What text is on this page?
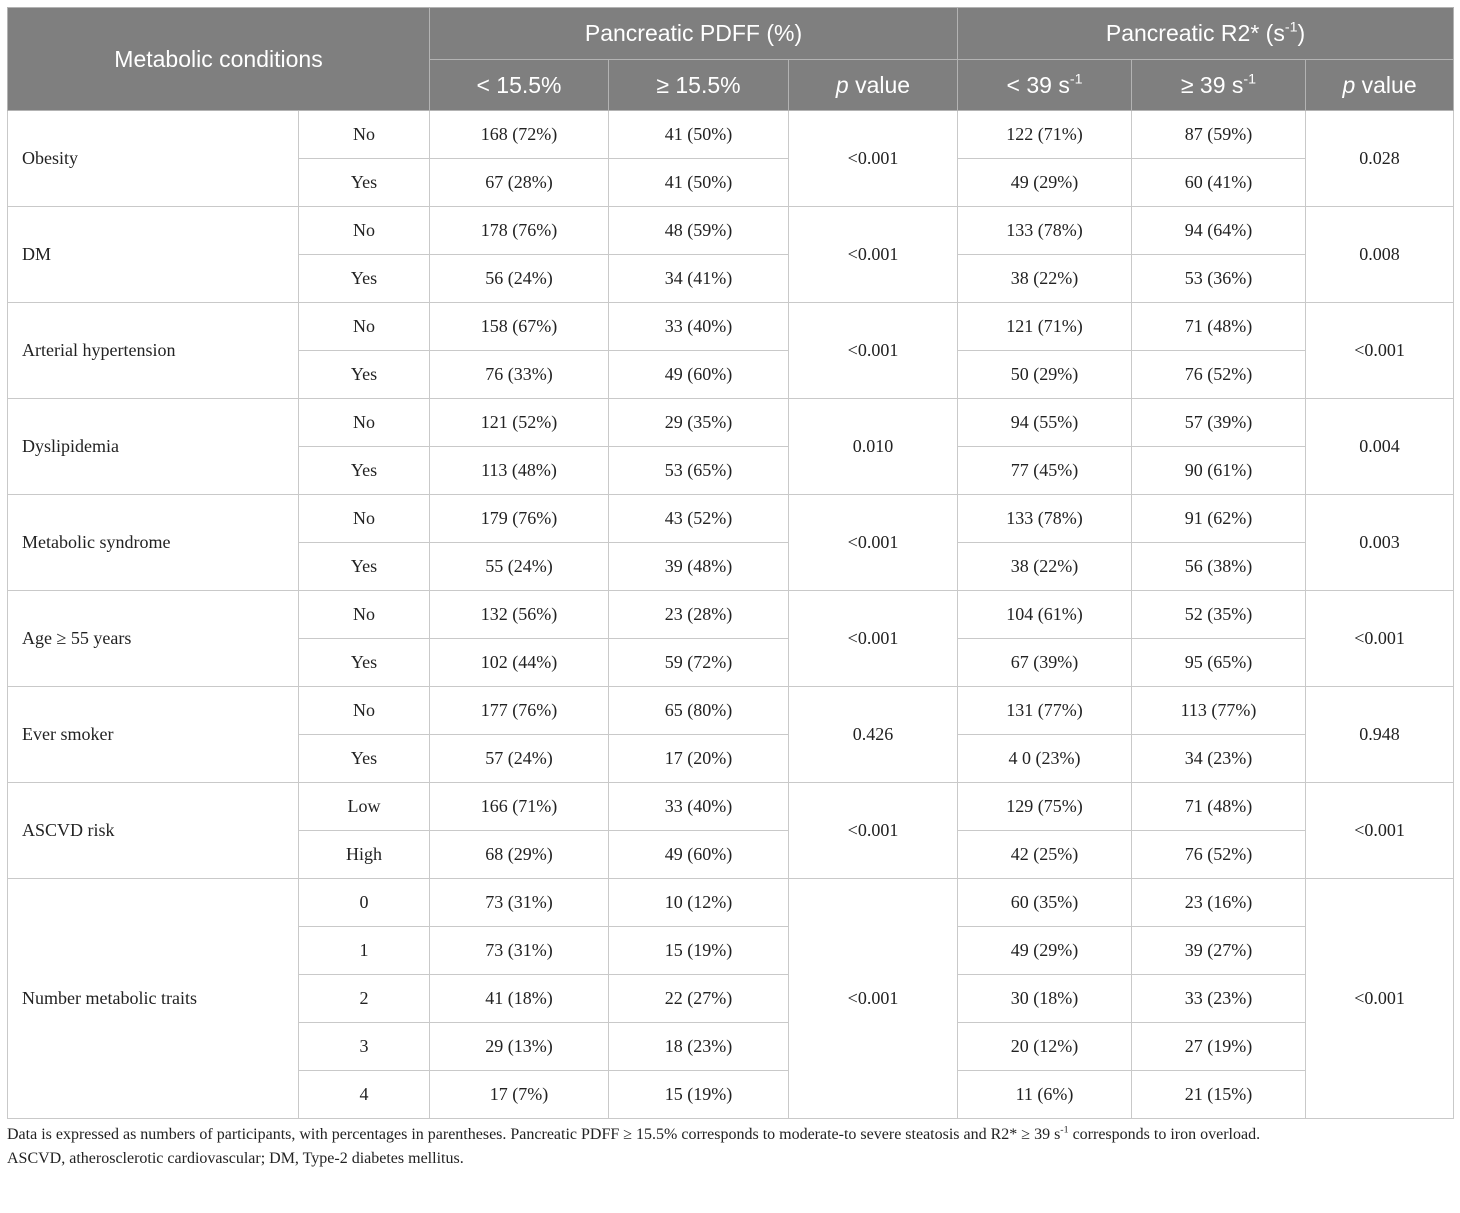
Metabolic conditions		Pancreatic PDFF (%)			Pancreatic R2* $(s^{-1})$		
		< 15.5%	≥ 15.5%	p value	< 39 $s^{-1}$	≥ 39 $s^{-1}$	p value
Obesity	No	168 (72%)	41 (50%)	<0.001	122 (71%)	87 (59%)	0.028
	Yes	67 (28%)	41 (50%)		49 (29%)	60 (41%)	
DM	No	178 (76%)	48 (59%)	<0.001	133 (78%)	94 (64%)	0.008
	Yes	56 (24%)	34 (41%)		38 (22%)	53 (36%)	
Arterial hypertension	No	158 (67%)	33 (40%)	<0.001	121 (71%)	71 (48%)	<0.001
	Yes	76 (33%)	49 (60%)		50 (29%)	76 (52%)	
Dyslipidemia	No	121 (52%)	29 (35%)	0.010	94 (55%)	57 (39%)	0.004
	Yes	113 (48%)	53 (65%)		77 (45%)	90 (61%)	
Metabolic syndrome	No	179 (76%)	43 (52%)	<0.001	133 (78%)	91 (62%)	0.003
	Yes	55 (24%)	39 (48%)		38 (22%)	56 (38%)	
Age ≥ 55 years	No	132 (56%)	23 (28%)	<0.001	104 (61%)	52 (35%)	<0.001
	Yes	102 (44%)	59 (72%)		67 (39%)	95 (65%)	
Ever smoker	No	177 (76%)	65 (80%)	0.426	131 (77%)	113 (77%)	0.948
	Yes	57 (24%)	17 (20%)		4 0 (23%)	34 (23%)	
ASCVD risk	Low	166 (71%)	33 (40%)	<0.001	129 (75%)	71 (48%)	<0.001
	High	68 (29%)	49 (60%)		42 (25%)	76 (52%)	
Number metabolic traits	0	73 (31%)	10 (12%)	<0.001	60 (35%)	23 (16%)	<0.001
	1	73 (31%)	15 (19%)		49 (29%)	39 (27%)	
	2	41 (18%)	22 (27%)		30 (18%)	33 (23%)	
	3	29 (13%)	18 (23%)		20 (12%)	27 (19%)	
	4	17 (7%)	15 (19%)		11 (6%)	21 (15%)	
Data is expressed as numbers of participants, with percentages in parentheses. Pancreatic PDFF ≥ 15.5% corresponds to moderate-to severe steatosis and R2* ≥ 39 $s^{-1}$ corresponds to iron overload.
ASCVD, atherosclerotic cardiovascular; DM, Type-2 diabetes mellitus.
